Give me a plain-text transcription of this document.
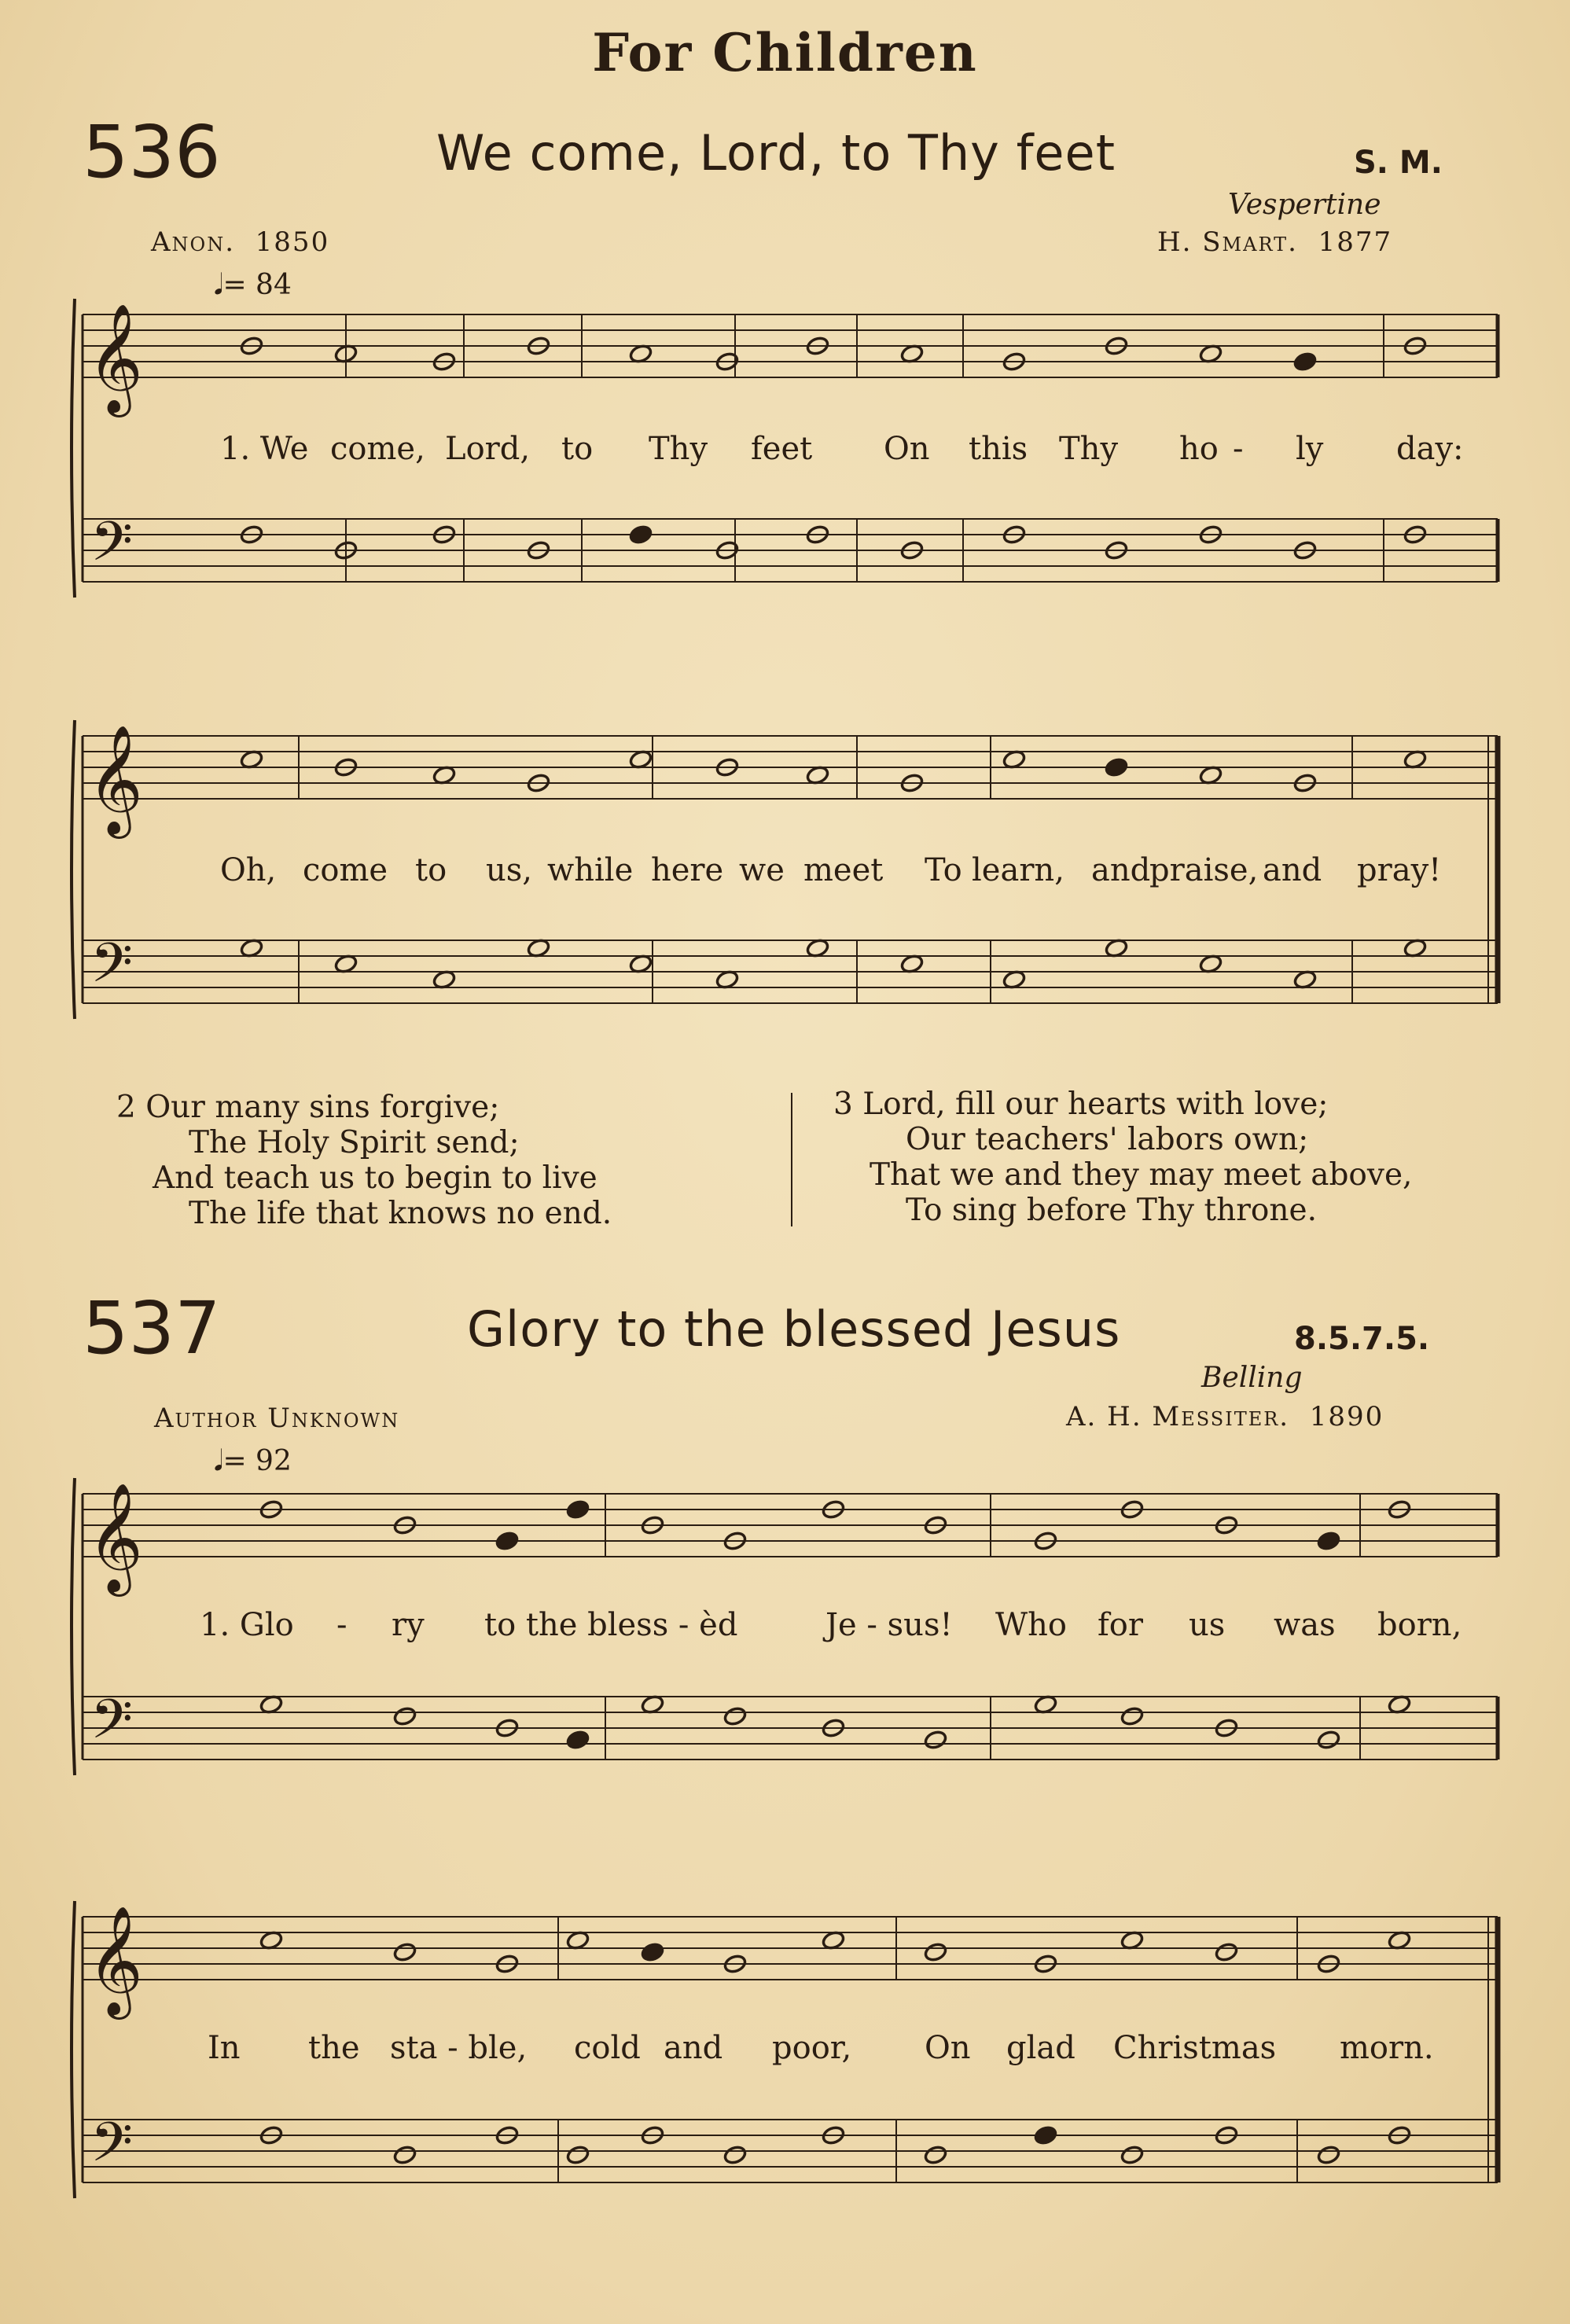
For Children
536	We come, Lord, to Thy feet	S. M.
Vespertine
Anon. 1850	H. Smart. 1877
𝅘𝅥= 84
𝄞
𝄢
𝄞
𝄢
𝄞
𝄢
𝄞
𝄢
1. We come, Lord, to Thy feet On this Thy ho - ly day:
Oh, come to us, while here we meet To learn, and
praise, and pray!
2 Our many sins forgive;
The Holy Spirit send;
And teach us to begin to live
The life that knows no end.
3 Lord, fill our hearts with love;
Our teachers' labors own;
That we and they may meet above,
To sing before Thy throne.
537	Glory to the blessed Jesus	8.5.7.5.
Belling
Author Unknown	A. H. Messiter. 1890
𝅘𝅥= 92
1. Glo - ry to the bless - èd	Je - sus! Who for us was born,
In the sta - ble, cold and poor, On glad Christmas morn.
